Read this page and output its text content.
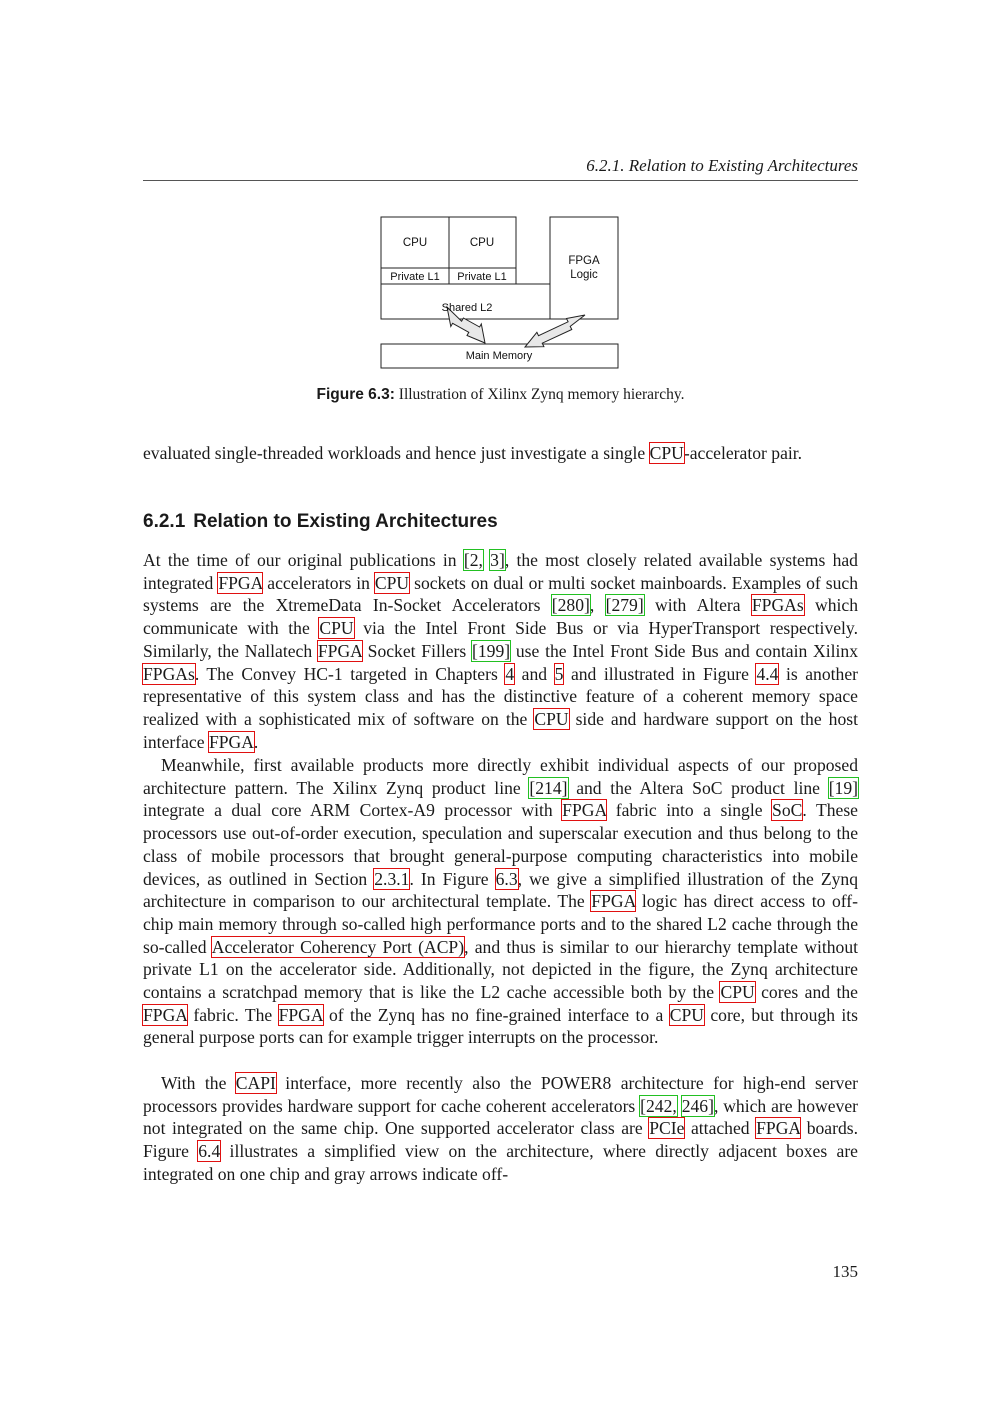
6.2.1. Relation to Existing Architectures
CPU	CPU
Private L1 Private L1
Shared L2
FPGA
Logic
Main Memory
Figure 6.3: Illustration of Xilinx Zynq memory hierarchy.

evaluated single-threaded workloads and hence just investigate a single CPU-accelerator pair.

6.2.1 Relation to Existing Architectures

At the time of our original publications in [2, 3], the most closely related available systems had integrated FPGA accelerators in CPU sockets on dual or multi socket mainboards. Examples of such systems are the XtremeData In-Socket Accelerators [280], [279] with Altera FPGAs which communicate with the CPU via the Intel Front Side Bus or via HyperTransport respectively. Similarly, the Nallatech FPGA Socket Fillers [199] use the Intel Front Side Bus and contain Xilinx FPGAs. The Convey HC-1 targeted in Chapters 4 and 5 and illustrated in Figure 4.4 is another representative of this system class and has the distinctive feature of a coherent memory space realized with a sophisticated mix of software on the CPU side and hardware support on the host interface FPGA.

Meanwhile, first available products more directly exhibit individual aspects of our proposed architecture pattern. The Xilinx Zynq product line [214] and the Altera SoC product line [19] integrate a dual core ARM Cortex-A9 processor with FPGA fabric into a single SoC. These processors use out-of-order execution, speculation and superscalar execution and thus belong to the class of mobile processors that brought general-purpose computing characteristics into mobile devices, as outlined in Section 2.3.1. In Figure 6.3, we give a simplified illustration of the Zynq architecture in comparison to our architectural template. The FPGA logic has direct access to off-chip main memory through so-called high performance ports and to the shared L2 cache through the so-called Accelerator Coherency Port (ACP), and thus is similar to our hierarchy template without private L1 on the accelerator side. Additionally, not depicted in the figure, the Zynq architecture contains a scratchpad memory that is like the L2 cache accessible both by the CPU cores and the FPGA fabric. The FPGA of the Zynq has no fine-grained interface to a CPU core, but through its general purpose ports can for example trigger interrupts on the processor.

With the CAPI interface, more recently also the POWER8 architecture for high-end server processors provides hardware support for cache coherent accelerators [242, 246], which are however not integrated on the same chip. One supported accelerator class are PCIe attached FPGA boards. Figure 6.4 illustrates a simplified view on the architecture, where directly adjacent boxes are integrated on one chip and gray arrows indicate off-

135
